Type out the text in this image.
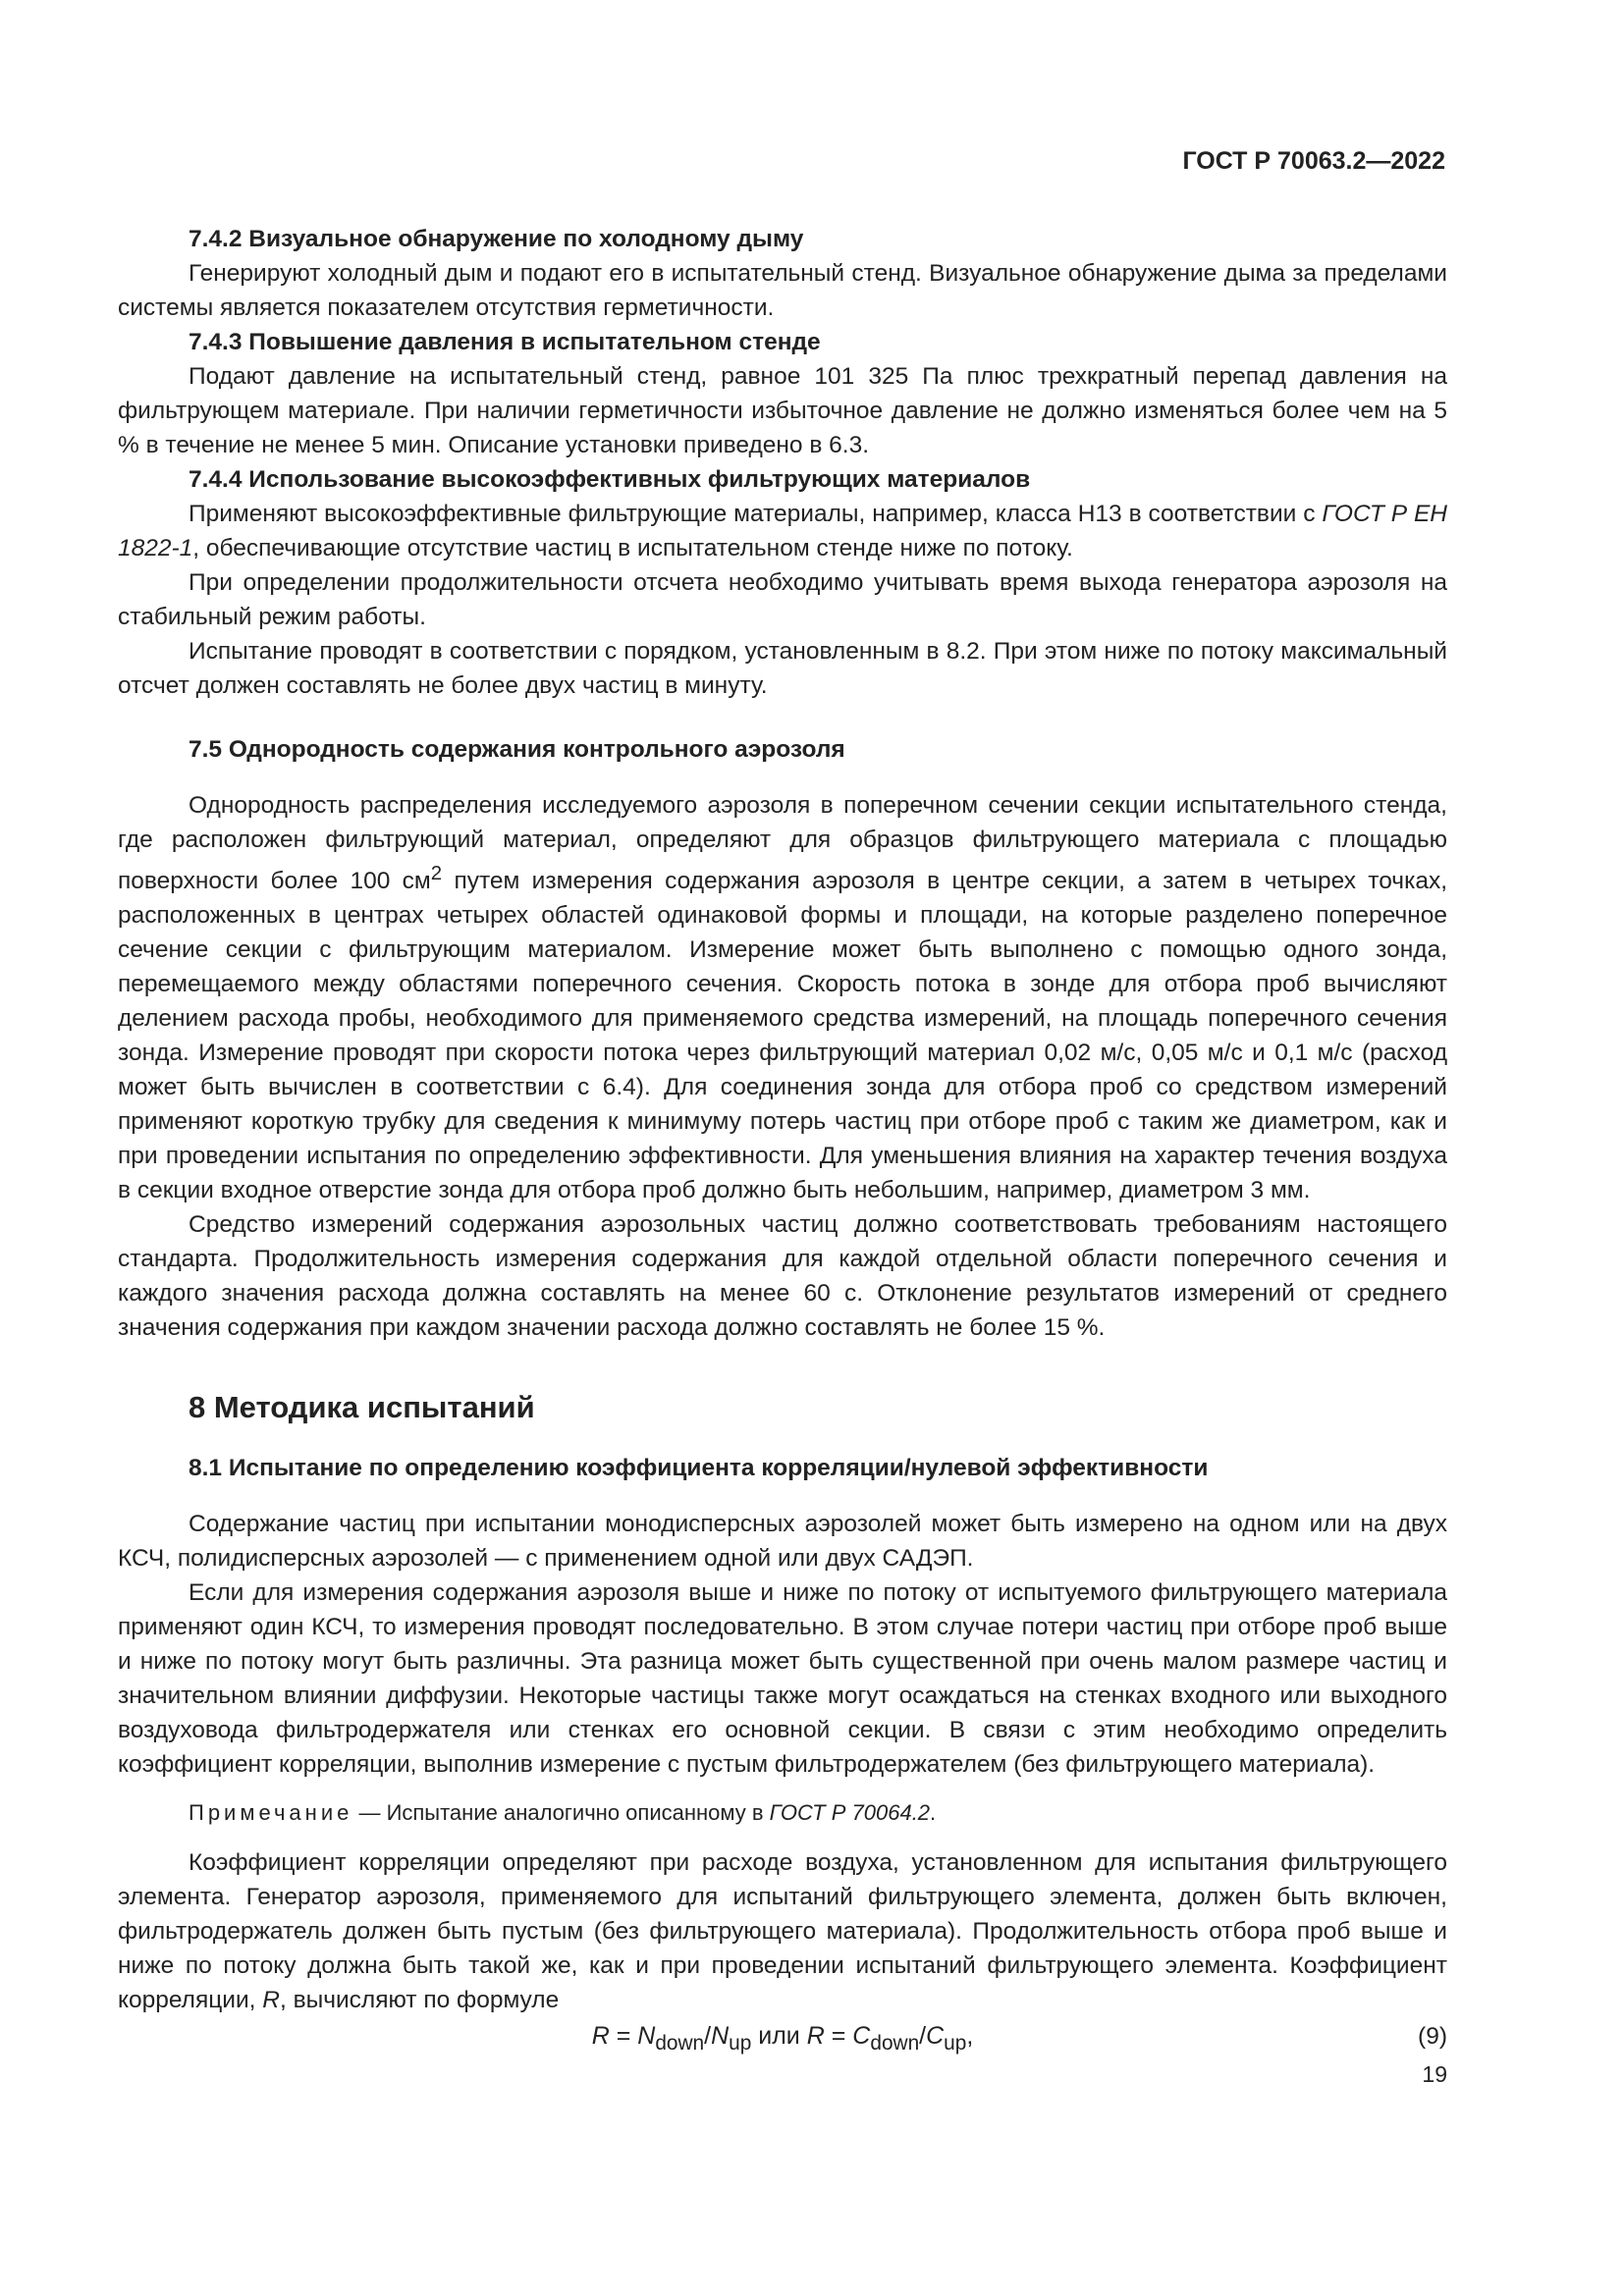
ГОСТ Р 70063.2—2022

7.4.2 Визуальное обнаружение по холодному дыму

Генерируют холодный дым и подают его в испытательный стенд. Визуальное обнаружение дыма за пределами системы является показателем отсутствия герметичности.

7.4.3 Повышение давления в испытательном стенде

Подают давление на испытательный стенд, равное 101 325 Па плюс трехкратный перепад давления на фильтрующем материале. При наличии герметичности избыточное давление не должно изменяться более чем на 5 % в течение не менее 5 мин. Описание установки приведено в 6.3.

7.4.4 Использование высокоэффективных фильтрующих материалов

Применяют высокоэффективные фильтрующие материалы, например, класса H13 в соответствии с ГОСТ Р ЕН 1822-1, обеспечивающие отсутствие частиц в испытательном стенде ниже по потоку.

При определении продолжительности отсчета необходимо учитывать время выхода генератора аэрозоля на стабильный режим работы.

Испытание проводят в соответствии с порядком, установленным в 8.2. При этом ниже по потоку максимальный отсчет должен составлять не более двух частиц в минуту.

7.5 Однородность содержания контрольного аэрозоля

Однородность распределения исследуемого аэрозоля в поперечном сечении секции испытательного стенда, где расположен фильтрующий материал, определяют для образцов фильтрующего материала с площадью поверхности более 100 $см^2$ путем измерения содержания аэрозоля в центре секции, а затем в четырех точках, расположенных в центрах четырех областей одинаковой формы и площади, на которые разделено поперечное сечение секции с фильтрующим материалом. Измерение может быть выполнено с помощью одного зонда, перемещаемого между областями поперечного сечения. Скорость потока в зонде для отбора проб вычисляют делением расхода пробы, необходимого для применяемого средства измерений, на площадь поперечного сечения зонда. Измерение проводят при скорости потока через фильтрующий материал 0,02 м/с, 0,05 м/с и 0,1 м/с (расход может быть вычислен в соответствии с 6.4). Для соединения зонда для отбора проб со средством измерений применяют короткую трубку для сведения к минимуму потерь частиц при отборе проб с таким же диаметром, как и при проведении испытания по определению эффективности. Для уменьшения влияния на характер течения воздуха в секции входное отверстие зонда для отбора проб должно быть небольшим, например, диаметром 3 мм.

Средство измерений содержания аэрозольных частиц должно соответствовать требованиям настоящего стандарта. Продолжительность измерения содержания для каждой отдельной области поперечного сечения и каждого значения расхода должна составлять на менее 60 с. Отклонение результатов измерений от среднего значения содержания при каждом значении расхода должно составлять не более 15 %.

8 Методика испытаний

8.1 Испытание по определению коэффициента корреляции/нулевой эффективности

Содержание частиц при испытании монодисперсных аэрозолей может быть измерено на одном или на двух КСЧ, полидисперсных аэрозолей — с применением одной или двух САДЭП.

Если для измерения содержания аэрозоля выше и ниже по потоку от испытуемого фильтрующего материала применяют один КСЧ, то измерения проводят последовательно. В этом случае потери частиц при отборе проб выше и ниже по потоку могут быть различны. Эта разница может быть существенной при очень малом размере частиц и значительном влиянии диффузии. Некоторые частицы также могут осаждаться на стенках входного или выходного воздуховода фильтродержателя или стенках его основной секции. В связи с этим необходимо определить коэффициент корреляции, выполнив измерение с пустым фильтродержателем (без фильтрующего материала).

Примечание — Испытание аналогично описанному в ГОСТ Р 70064.2.

Коэффициент корреляции определяют при расходе воздуха, установленном для испытания фильтрующего элемента. Генератор аэрозоля, применяемого для испытаний фильтрующего элемента, должен быть включен, фильтродержатель должен быть пустым (без фильтрующего материала). Продолжительность отбора проб выше и ниже по потоку должна быть такой же, как и при проведении испытаний фильтрующего элемента. Коэффициент корреляции, R, вычисляют по формуле

$R = N_{down}/N_{up}$ или $R = C_{down}/C_{up}$,	(9)
19
